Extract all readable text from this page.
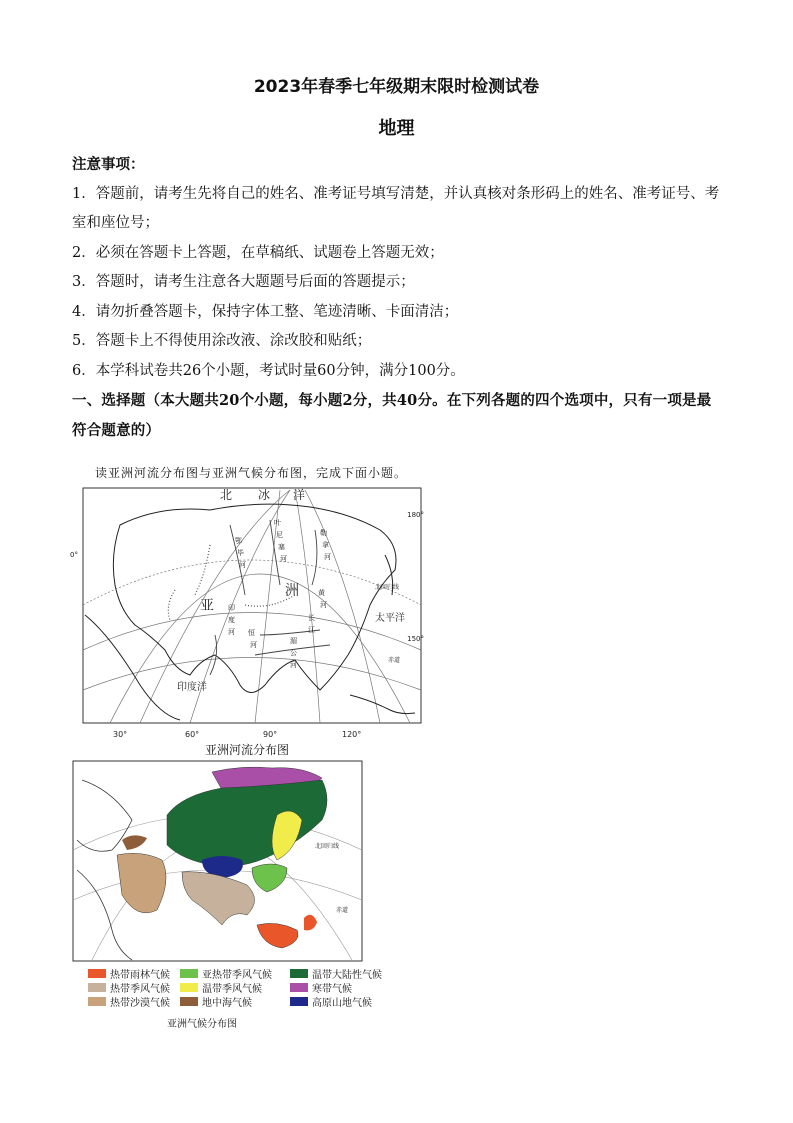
2023年春季七年级期末限时检测试卷
地理

注意事项：

1．答题前，请考生先将自己的姓名、准考证号填写清楚，并认真核对条形码上的姓名、准考证号、考室和座位号；

2．必须在答题卡上答题，在草稿纸、试题卷上答题无效；

3．答题时，请考生注意各大题题号后面的答题提示；

4．请勿折叠答题卡，保持字体工整、笔迹清晰、卡面清洁；

5．答题卡上不得使用涂改液、涂改胶和贴纸；

6．本学科试卷共26个小题，考试时量60分钟，满分100分。

一、选择题（本大题共20个小题，每小题2分，共40分。在下列各题的四个选项中，只有一项是最符合题意的）

读亚洲河流分布图与亚洲气候分布图，完成下面小题。
北 冰 洋
亚
洲
太平洋
印度洋
北回归线
赤道
180°
150°
0°
鄂
毕
河
叶
尼
塞
河
勒
拿
河
黄
河
长
江
印
度
河 恒
河	湄
公
河
30°	60°	90°	120°
亚洲河流分布图
北回归线
赤道
热带雨林气候	亚热带季风气候	温带大陆性气候
热带季风气候	温带季风气候	寒带气候
热带沙漠气候	地中海气候	高原山地气候
亚洲气候分布图
